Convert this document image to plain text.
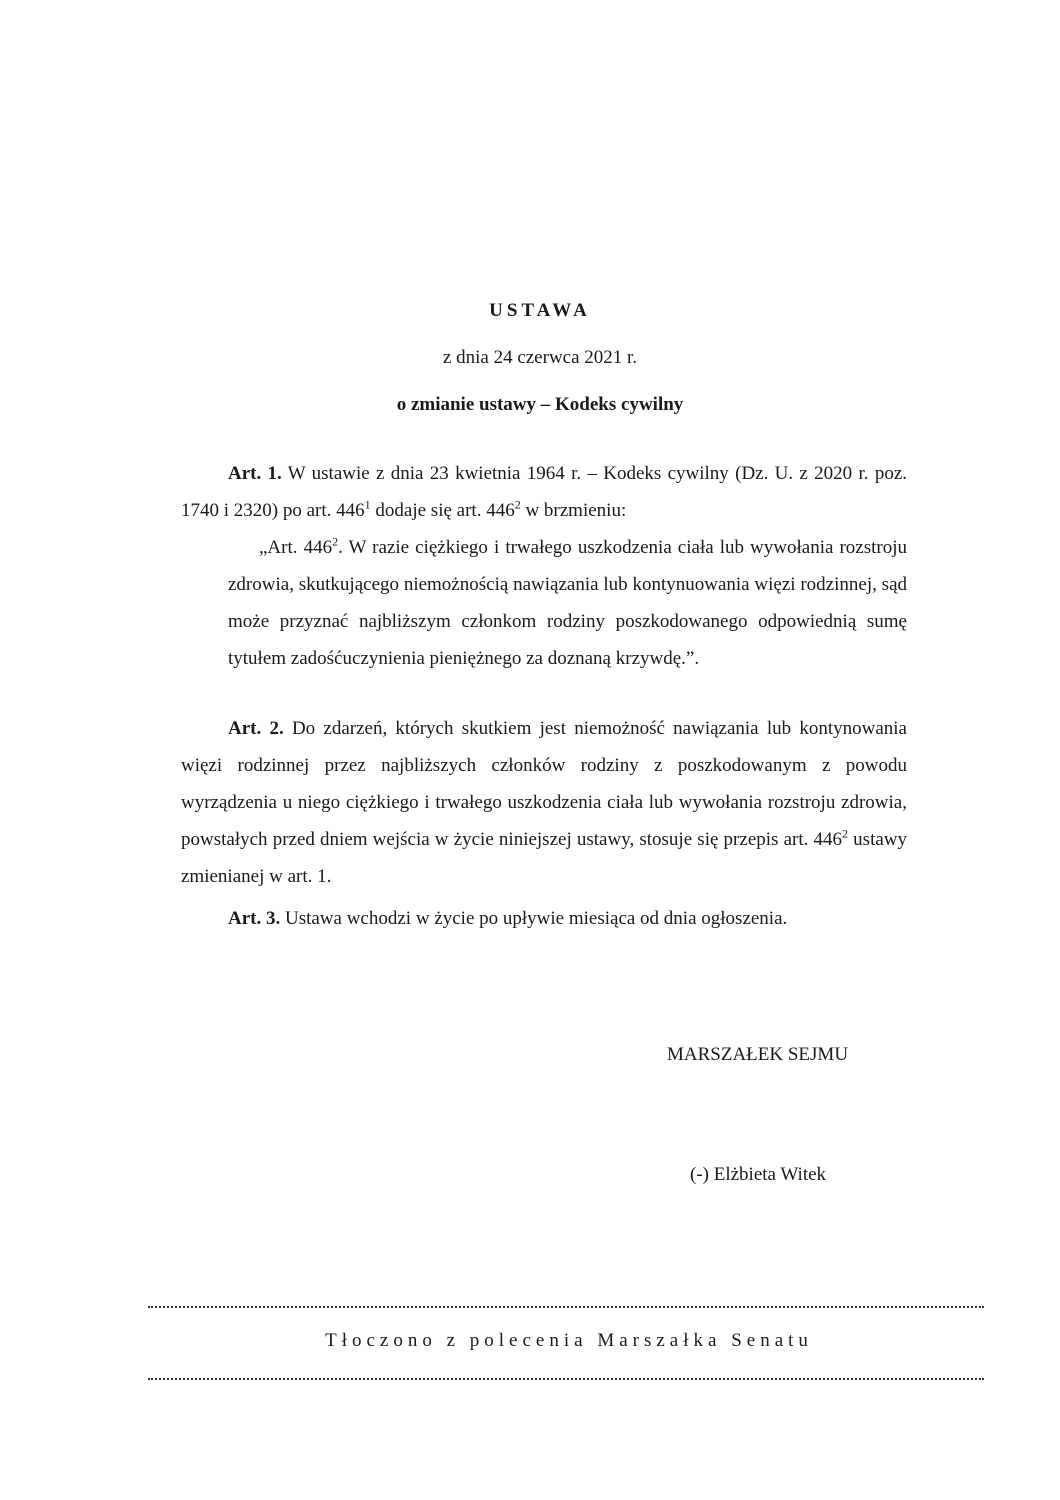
USTAWA
z dnia 24 czerwca 2021 r.
o zmianie ustawy – Kodeks cywilny
Art. 1. W ustawie z dnia 23 kwietnia 1964 r. – Kodeks cywilny (Dz. U. z 2020 r. poz. 1740 i 2320) po art. $446^1$ dodaje się art. $446^2$ w brzmieniu:
„Art. $446^2$. W razie ciężkiego i trwałego uszkodzenia ciała lub wywołania rozstroju zdrowia, skutkującego niemożnością nawiązania lub kontynuowania więzi rodzinnej, sąd może przyznać najbliższym członkom rodziny poszkodowanego odpowiednią sumę tytułem zadośćuczynienia pieniężnego za doznaną krzywdę.”.
Art. 2. Do zdarzeń, których skutkiem jest niemożność nawiązania lub kontynowania więzi rodzinnej przez najbliższych członków rodziny z poszkodowanym z powodu wyrządzenia u niego ciężkiego i trwałego uszkodzenia ciała lub wywołania rozstroju zdrowia, powstałych przed dniem wejścia w życie niniejszej ustawy, stosuje się przepis art. $446^2$ ustawy zmienianej w art. 1.
Art. 3. Ustawa wchodzi w życie po upływie miesiąca od dnia ogłoszenia.
MARSZAŁEK SEJMU
(-) Elżbieta Witek
Tłoczono z polecenia Marszałka Senatu
